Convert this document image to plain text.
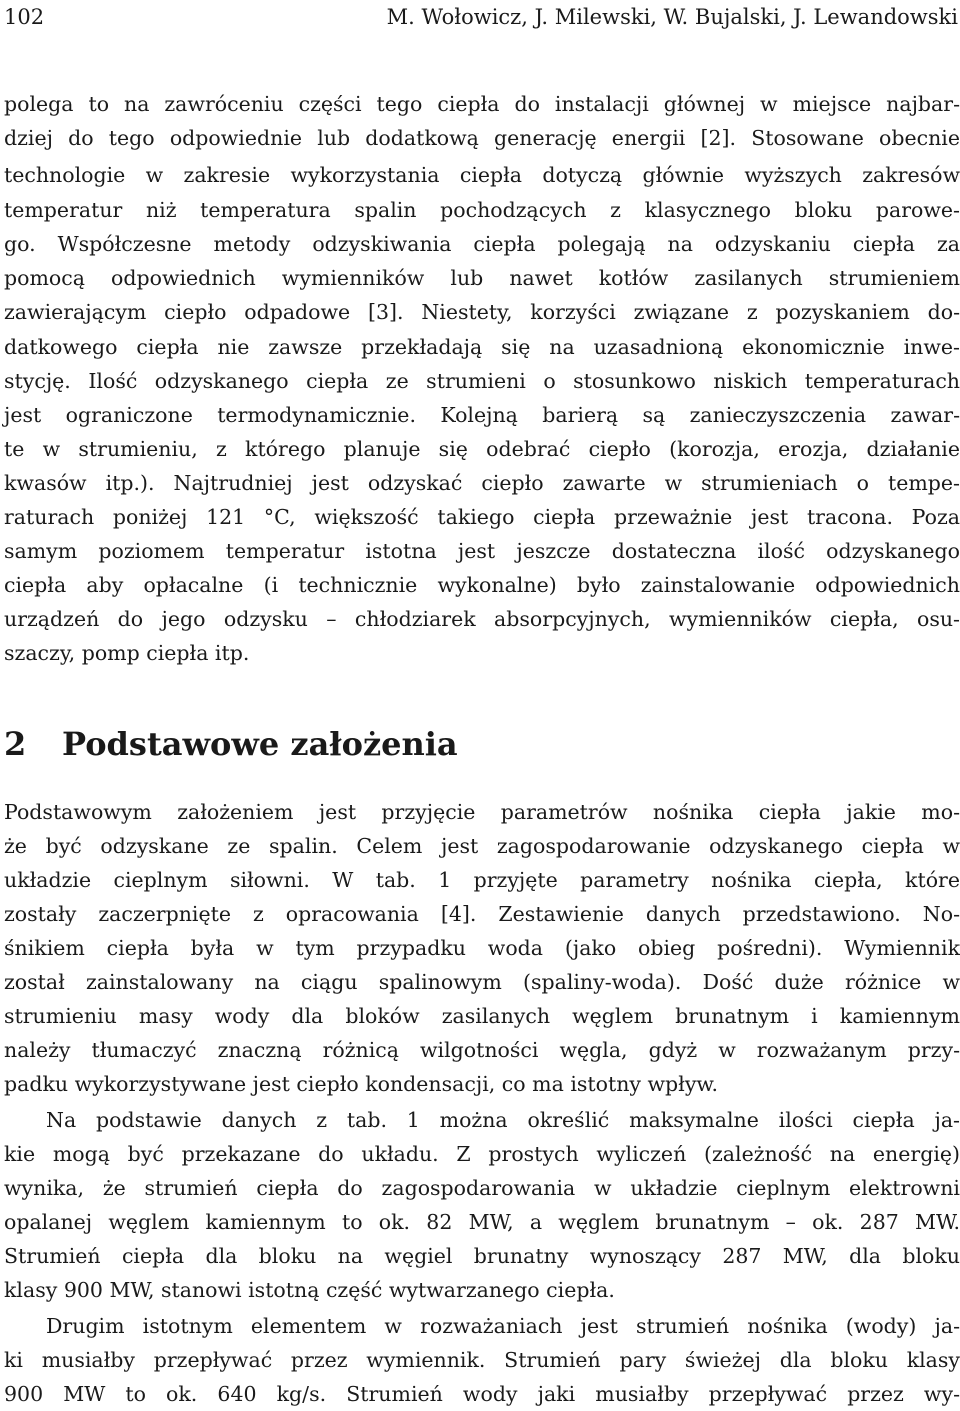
102	M. Wołowicz, J. Milewski, W. Bujalski, J. Lewandowski
polega to na zawróceniu części tego ciepła do instalacji głównej w miejsce najbar-
dziej do tego odpowiednie lub dodatkową generację energii [2]. Stosowane obecnie
technologie w zakresie wykorzystania ciepła dotyczą głównie wyższych zakresów
temperatur niż temperatura spalin pochodzących z klasycznego bloku parowe-
go. Współczesne metody odzyskiwania ciepła polegają na odzyskaniu ciepła za
pomocą odpowiednich wymienników lub nawet kotłów zasilanych strumieniem
zawierającym ciepło odpadowe [3]. Niestety, korzyści związane z pozyskaniem do-
datkowego ciepła nie zawsze przekładają się na uzasadnioną ekonomicznie inwe-
stycję. Ilość odzyskanego ciepła ze strumieni o stosunkowo niskich temperaturach
jest ograniczone termodynamicznie. Kolejną barierą są zanieczyszczenia zawar-
te w strumieniu, z którego planuje się odebrać ciepło (korozja, erozja, działanie
kwasów itp.). Najtrudniej jest odzyskać ciepło zawarte w strumieniach o tempe-
raturach poniżej 121 °C, większość takiego ciepła przeważnie jest tracona. Poza
samym poziomem temperatur istotna jest jeszcze dostateczna ilość odzyskanego
ciepła aby opłacalne (i technicznie wykonalne) było zainstalowanie odpowiednich
urządzeń do jego odzysku – chłodziarek absorpcyjnych, wymienników ciepła, osu-
szaczy, pomp ciepła itp.
2 Podstawowe założenia
Podstawowym założeniem jest przyjęcie parametrów nośnika ciepła jakie mo-
że być odzyskane ze spalin. Celem jest zagospodarowanie odzyskanego ciepła w
układzie cieplnym siłowni. W tab. 1 przyjęte parametry nośnika ciepła, które
zostały zaczerpnięte z opracowania [4]. Zestawienie danych przedstawiono. No-
śnikiem ciepła była w tym przypadku woda (jako obieg pośredni). Wymiennik
został zainstalowany na ciągu spalinowym (spaliny-woda). Dość duże różnice w
strumieniu masy wody dla bloków zasilanych węglem brunatnym i kamiennym
należy tłumaczyć znaczną różnicą wilgotności węgla, gdyż w rozważanym przy-
padku wykorzystywane jest ciepło kondensacji, co ma istotny wpływ.
Na podstawie danych z tab. 1 można określić maksymalne ilości ciepła ja-
kie mogą być przekazane do układu. Z prostych wyliczeń (zależność na energię)
wynika, że strumień ciepła do zagospodarowania w układzie cieplnym elektrowni
opalanej węglem kamiennym to ok. 82 MW, a węglem brunatnym – ok. 287 MW.
Strumień ciepła dla bloku na węgiel brunatny wynoszący 287 MW, dla bloku
klasy 900 MW, stanowi istotną część wytwarzanego ciepła.
Drugim istotnym elementem w rozważaniach jest strumień nośnika (wody) ja-
ki musiałby przepływać przez wymiennik. Strumień pary świeżej dla bloku klasy
900 MW to ok. 640 kg/s. Strumień wody jaki musiałby przepływać przez wy-
